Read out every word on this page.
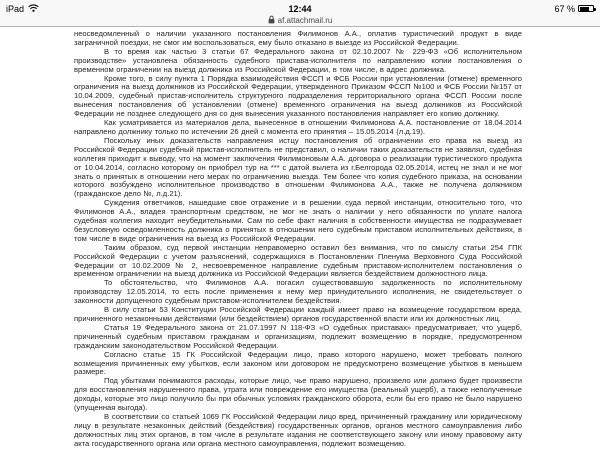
iPad	12:44	67 %
af.attachmail.ru

неосведомленный о наличии указанного постановления Филимонов А.А., оплатив туристический продукт в виде заграничной поездки, не смог им воспользоваться, ему было отказано в выезде из Российской Федерации.

В то время как частью 3 статьи 67 Федерального закона от 02.10.2007 № 229-ФЗ «Об исполнительном производстве» установлена обязанность судебного пристава-исполнителя по направлению копии постановления о временном ограничении на выезд должника из Российской Федерации, в том числе, в адрес должника.

Кроме того, в силу пункта 1 Порядка взаимодействия ФССП и ФСБ России при установлении (отмене) временного ограничения на выезд должников из Российской Федерации, утвержденного Приказом ФССП №100 и ФСБ России №157 от 10.04.2009, судебный пристав-исполнитель структурного подразделения территориального органа ФССП России после вынесения постановления об установлении (отмене) временного ограничения на выезд должников из Российской Федерации не позднее следующего дня со дня вынесения указанного постановления направляет его копию должнику.

Как усматривается из материалов дела, вынесенное в отношении Филимонова А.А. постановление от 18.04.2014 направлено должнику только по истечении 26 дней с момента его принятия – 15.05.2014 (л.д.19).

Поскольку иных доказательств направления истцу постановления об ограничении его права на выезд из Российской Федерации судебный пристав-исполнитель не представил, о наличии таких доказательств не заявлял, судебная коллегия приходит к выводу, что на момент заключения Филимоновым А.А. договора о реализации туристического продукта от 10.04.2014, согласно которому он приобрел тур на *** с датой вылета из г.Белгорода 02.05.2014, истец не знал и не мог знать о принятых в отношении него мерах по ограничению выезда. Тем более что копия судебного приказа, на основании которого возбуждено исполнительное производство в отношении Филимонова А.А., также не получена должником (гражданское дело №, л.д.21).

Суждения ответчиков, нашедшие свое отражение и в решении суда первой инстанции, относительно того, что Филимонов А.А., владея транспортным средством, не мог не знать о наличии у него обязанности по уплате налога судебная коллегия находит неубедительными. Сам по себе факт наличия в собственности имущества не подразумевает безусловную осведомленность должника о принятых в отношении него судебным приставом исполнительных действиях, в том числе в виде ограничения на выезд из Российской Федерации.

Таким образом, суд первой инстанции неправомерно оставил без внимания, что по смыслу статьи 254 ГПК Российской Федерации с учетом разъяснений, содержащихся в Постановлении Пленума Верховного Суда Российской Федерации от 10.02.2009 № 2, несвоевременное направление судебным приставом-исполнителем постановления о временном ограничении на выезд должника из Российской Федерации является бездействием должностного лица.

То обстоятельство, что Филимонов А.А. погасил существовавшую задолженность по исполнительному производству 12.05.2014, то есть после применения к нему мер принудительного исполнения, не свидетельствует о законности допущенного судебным приставом-исполнителем бездействия.

В силу статьи 53 Конституции Российской Федерации каждый имеет право на возмещение государством вреда, причиненного незаконными действиями (или бездействием) органов государственной власти или их должностных лиц.

Статья 19 Федерального закона от 21.07.1997 N 118-ФЗ «О судебных приставах» предусматривает, что ущерб, причиненный судебным приставом гражданам и организациям, подлежит возмещению в порядке, предусмотренном гражданским законодательством Российской Федерации.

Согласно статье 15 ГК Российской Федерации лицо, право которого нарушено, может требовать полного возмещения причиненных ему убытков, если законом или договором не предусмотрено возмещение убытков в меньшем размере.

Под убытками понимаются расходы, которые лицо, чье право нарушено, произвело или должно будет произвести для восстановления нарушенного права, утрата или повреждение его имущества (реальный ущерб), а также неполученные доходы, которые это лицо получило бы при обычных условиях гражданского оборота, если бы его право не было нарушено (упущенная выгода).

В соответствии со статьей 1069 ГК Российской Федерации лицо вред, причиненный гражданину или юридическому лицу в результате незаконных действий (бездействия) государственных органов, органов местного самоуправления либо должностных лиц этих органов, в том числе в результате издания не соответствующего закону или иному правовому акту акта государственного органа или органа местного самоуправления, подлежит возмещению.
